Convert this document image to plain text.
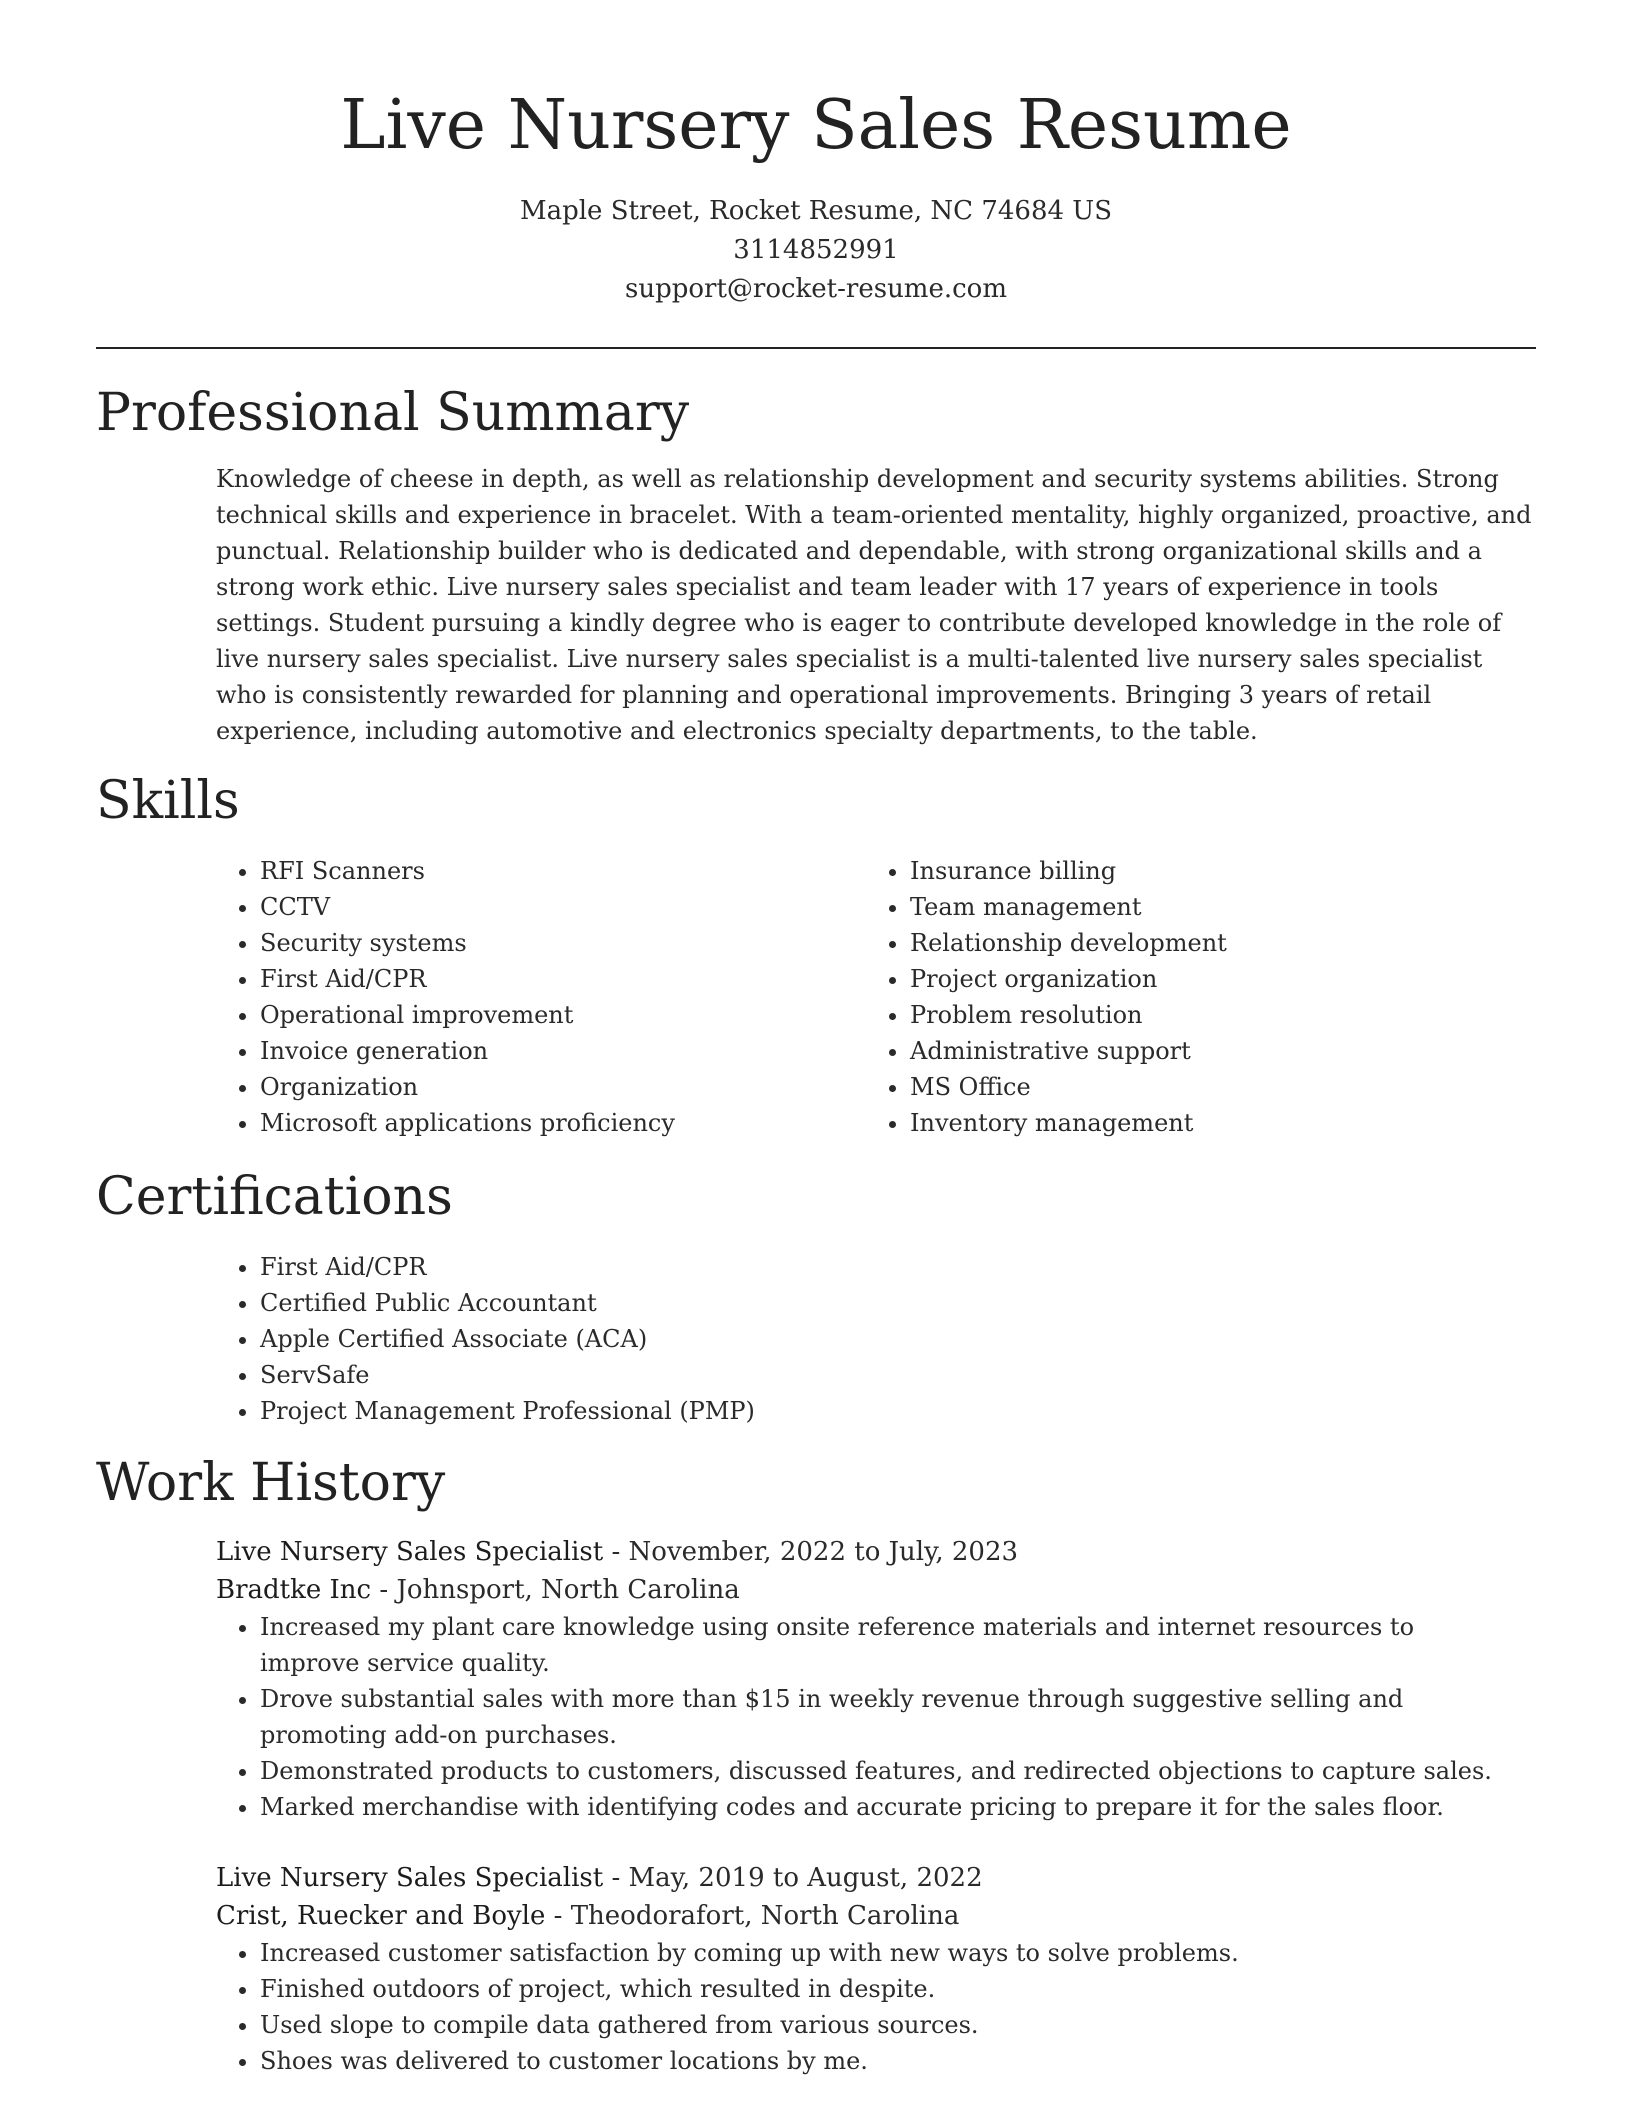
Live Nursery Sales Resume
Maple Street, Rocket Resume, NC 74684 US
3114852991
support@rocket-resume.com
Professional Summary
Knowledge of cheese in depth, as well as relationship development and security systems abilities. Strong technical skills and experience in bracelet. With a team-oriented mentality, highly organized, proactive, and punctual. Relationship builder who is dedicated and dependable, with strong organizational skills and a strong work ethic. Live nursery sales specialist and team leader with 17 years of experience in tools settings. Student pursuing a kindly degree who is eager to contribute developed knowledge in the role of live nursery sales specialist. Live nursery sales specialist is a multi-talented live nursery sales specialist who is consistently rewarded for planning and operational improvements. Bringing 3 years of retail experience, including automotive and electronics specialty departments, to the table.
Skills
• RFI Scanners
• CCTV
• Security systems
• First Aid/CPR
• Operational improvement
• Invoice generation
• Organization
• Microsoft applications proficiency
• Insurance billing
• Team management
• Relationship development
• Project organization
• Problem resolution
• Administrative support
• MS Office
• Inventory management
Certifications
• First Aid/CPR
• Certified Public Accountant
• Apple Certified Associate (ACA)
• ServSafe
• Project Management Professional (PMP)
Work History
Live Nursery Sales Specialist - November, 2022 to July, 2023
Bradtke Inc - Johnsport, North Carolina
• Increased my plant care knowledge using onsite reference materials and internet resources to improve service quality.
• Drove substantial sales with more than $15 in weekly revenue through suggestive selling and promoting add-on purchases.
• Demonstrated products to customers, discussed features, and redirected objections to capture sales.
• Marked merchandise with identifying codes and accurate pricing to prepare it for the sales floor.
Live Nursery Sales Specialist - May, 2019 to August, 2022
Crist, Ruecker and Boyle - Theodorafort, North Carolina
• Increased customer satisfaction by coming up with new ways to solve problems.
• Finished outdoors of project, which resulted in despite.
• Used slope to compile data gathered from various sources.
• Shoes was delivered to customer locations by me.
